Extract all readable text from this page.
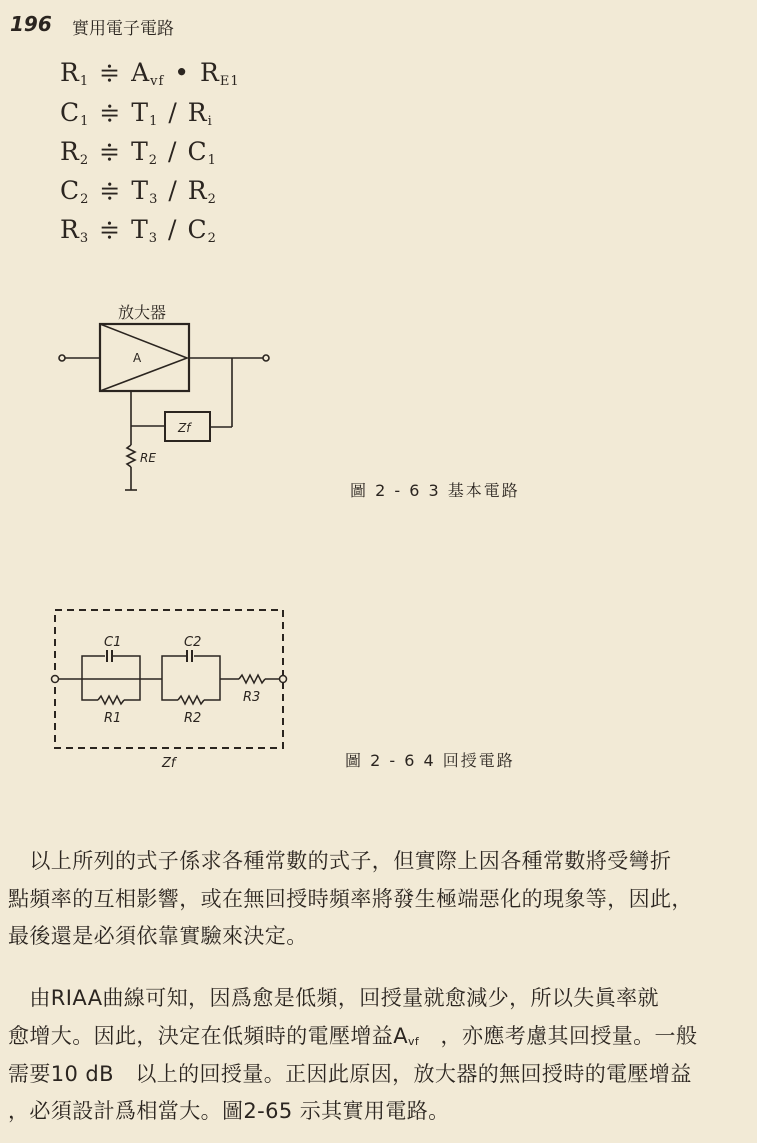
196 實用電子電路
$R_1$ ≑ $A_{vf}$ • $R_{E1}$
$C_1$ ≑ $T_1 / R_i$
$R_2$ ≑ $T_2 / C_1$
$C_2$ ≑ $T_3 / R_2$
$R_3$ ≑ $T_3 / C_2$
放大器
A
Zf
RE
圖 2 - 6 3 基本電路
C1	C2
R1	R2
R3
Zf	圖 2 - 6 4 回授電路
　以上所列的式子係求各種常數的式子，但實際上因各種常數將受彎折
點頻率的互相影響，或在無回授時頻率將發生極端惡化的現象等，因此，
最後還是必須依靠實驗來決定。
　由RIAA曲線可知，因爲愈是低頻，回授量就愈減少，所以失眞率就
愈增大。因此，決定在低頻時的電壓增益$A_{vf}$　，亦應考慮其回授量。一般
需要10 dB　以上的回授量。正因此原因，放大器的無回授時的電壓增益
，必須設計爲相當大。圖2-65 示其實用電路。
